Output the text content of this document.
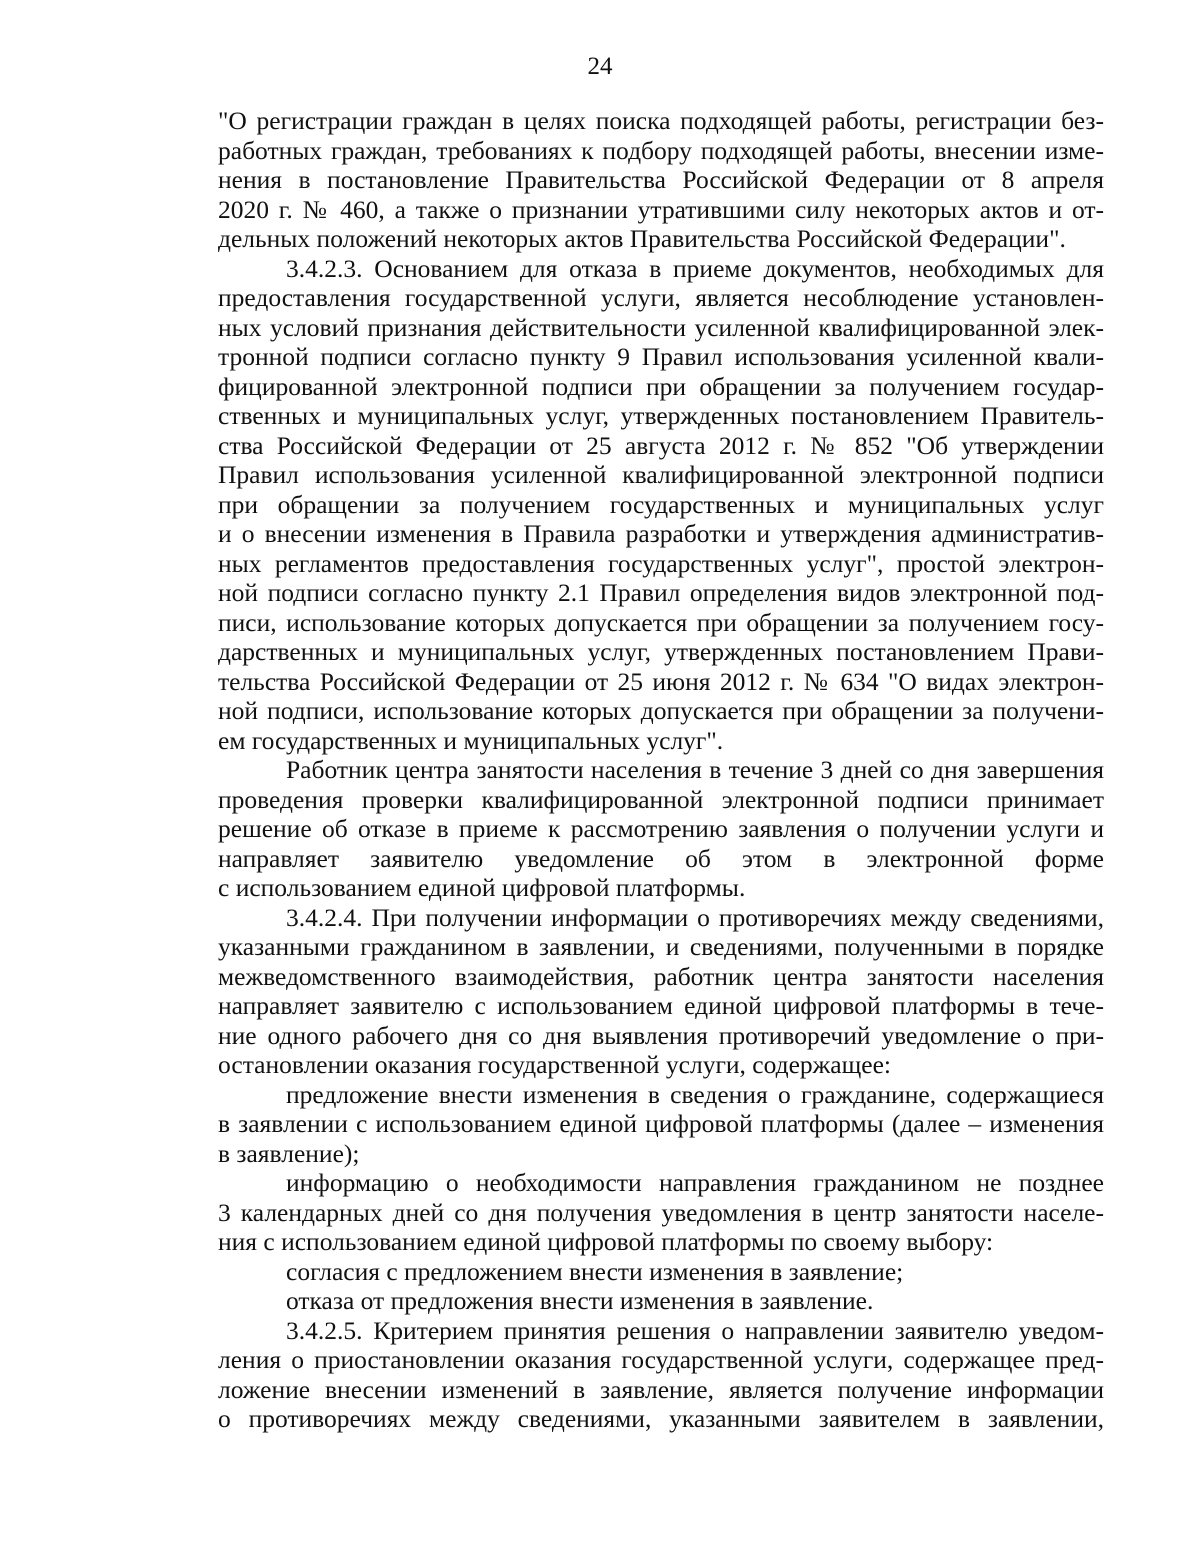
24
"О регистрации граждан в целях поиска подходящей работы, регистрации без-
работных граждан, требованиях к подбору подходящей работы, внесении изме-
нения в постановление Правительства Российской Федерации от 8 апреля
2020 г. № 460, а также о признании утратившими силу некоторых актов и от-
дельных положений некоторых актов Правительства Российской Федерации".
3.4.2.3. Основанием для отказа в приеме документов, необходимых для
предоставления государственной услуги, является несоблюдение установлен-
ных условий признания действительности усиленной квалифицированной элек-
тронной подписи согласно пункту 9 Правил использования усиленной квали-
фицированной электронной подписи при обращении за получением государ-
ственных и муниципальных услуг, утвержденных постановлением Правитель-
ства Российской Федерации от 25 августа 2012 г. № 852 "Об утверждении
Правил использования усиленной квалифицированной электронной подписи
при обращении за получением государственных и муниципальных услуг
и о внесении изменения в Правила разработки и утверждения административ-
ных регламентов предоставления государственных услуг", простой электрон-
ной подписи согласно пункту 2.1 Правил определения видов электронной под-
писи, использование которых допускается при обращении за получением госу-
дарственных и муниципальных услуг, утвержденных постановлением Прави-
тельства Российской Федерации от 25 июня 2012 г. № 634 "О видах электрон-
ной подписи, использование которых допускается при обращении за получени-
ем государственных и муниципальных услуг".
Работник центра занятости населения в течение 3 дней со дня завершения
проведения проверки квалифицированной электронной подписи принимает
решение об отказе в приеме к рассмотрению заявления о получении услуги и
направляет заявителю уведомление об этом в электронной форме
с использованием единой цифровой платформы.
3.4.2.4. При получении информации о противоречиях между сведениями,
указанными гражданином в заявлении, и сведениями, полученными в порядке
межведомственного взаимодействия, работник центра занятости населения
направляет заявителю с использованием единой цифровой платформы в тече-
ние одного рабочего дня со дня выявления противоречий уведомление о при-
остановлении оказания государственной услуги, содержащее:
предложение внести изменения в сведения о гражданине, содержащиеся
в заявлении с использованием единой цифровой платформы (далее – изменения
в заявление);
информацию о необходимости направления гражданином не позднее
3 календарных дней со дня получения уведомления в центр занятости населе-
ния с использованием единой цифровой платформы по своему выбору:
согласия с предложением внести изменения в заявление;
отказа от предложения внести изменения в заявление.
3.4.2.5. Критерием принятия решения о направлении заявителю уведом-
ления о приостановлении оказания государственной услуги, содержащее пред-
ложение внесении изменений в заявление, является получение информации
о противоречиях между сведениями, указанными заявителем в заявлении,
